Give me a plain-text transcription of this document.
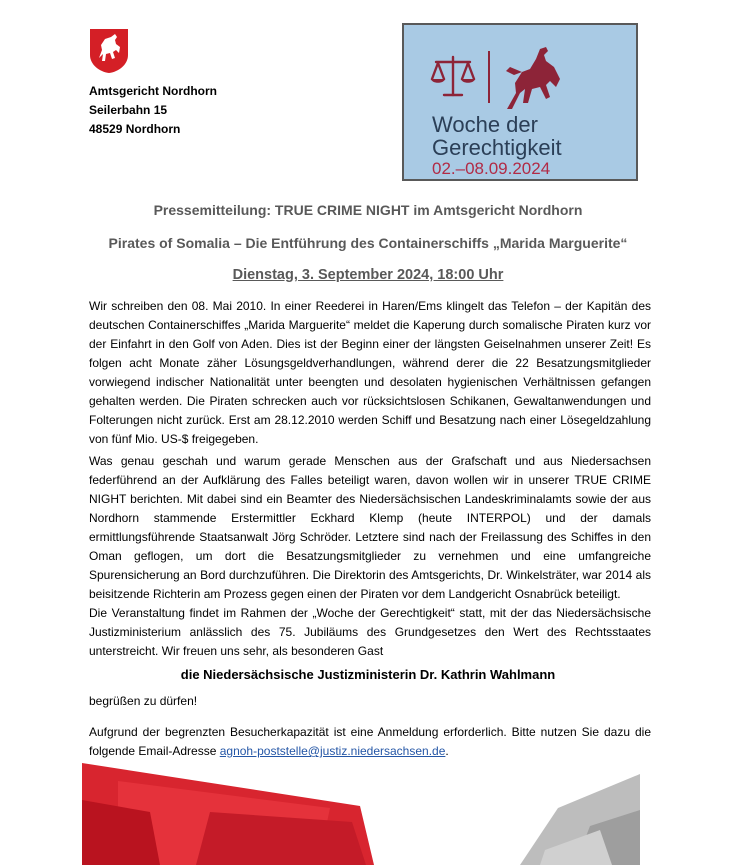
Amtsgericht Nordhorn
Seilerbahn 15
48529 Nordhorn	Woche der
Gerechtigkeit
02.–08.09.2024
Pressemitteilung: TRUE CRIME NIGHT im Amtsgericht Nordhorn
Pirates of Somalia – Die Entführung des Containerschiffs „Marida Marguerite“
Dienstag, 3. September 2024, 18:00 Uhr
Wir schreiben den 08. Mai 2010. In einer Reederei in Haren/Ems klingelt das Telefon – der Kapitän des deutschen Containerschiffes „Marida Marguerite“ meldet die Kaperung durch somalische Piraten kurz vor der Einfahrt in den Golf von Aden. Dies ist der Beginn einer der längsten Geiselnahmen unserer Zeit! Es folgen acht Monate zäher Lösungsgeldverhandlungen, während derer die 22 Besatzungsmitglieder vorwiegend indischer Nationalität unter beengten und desolaten hygienischen Verhältnissen gefangen gehalten werden. Die Piraten schrecken auch vor rücksichtslosen Schikanen, Gewaltanwendungen und Folterungen nicht zurück. Erst am 28.12.2010 werden Schiff und Besatzung nach einer Lösegeldzahlung von fünf Mio. US-$ freigegeben.
Was genau geschah und warum gerade Menschen aus der Grafschaft und aus Niedersachsen federführend an der Aufklärung des Falles beteiligt waren, davon wollen wir in unserer TRUE CRIME NIGHT berichten. Mit dabei sind ein Beamter des Niedersächsischen Landeskriminalamts sowie der aus Nordhorn stammende Erstermittler Eckhard Klemp (heute INTERPOL) und der damals ermittlungsführende Staatsanwalt Jörg Schröder. Letztere sind nach der Freilassung des Schiffes in den Oman geflogen, um dort die Besatzungsmitglieder zu vernehmen und eine umfangreiche Spurensicherung an Bord durchzuführen. Die Direktorin des Amtsgerichts, Dr. Winkelsträter, war 2014 als beisitzende Richterin am Prozess gegen einen der Piraten vor dem Landgericht Osnabrück beteiligt.
Die Veranstaltung findet im Rahmen der „Woche der Gerechtigkeit“ statt, mit der das Niedersächsische Justizministerium anlässlich des 75. Jubiläums des Grundgesetzes den Wert des Rechtsstaates unterstreicht. Wir freuen uns sehr, als besonderen Gast
die Niedersächsische Justizministerin Dr. Kathrin Wahlmann
begrüßen zu dürfen!
Aufgrund der begrenzten Besucherkapazität ist eine Anmeldung erforderlich. Bitte nutzen Sie dazu die folgende Email-Adresse agnoh-poststelle@justiz.niedersachsen.de.
